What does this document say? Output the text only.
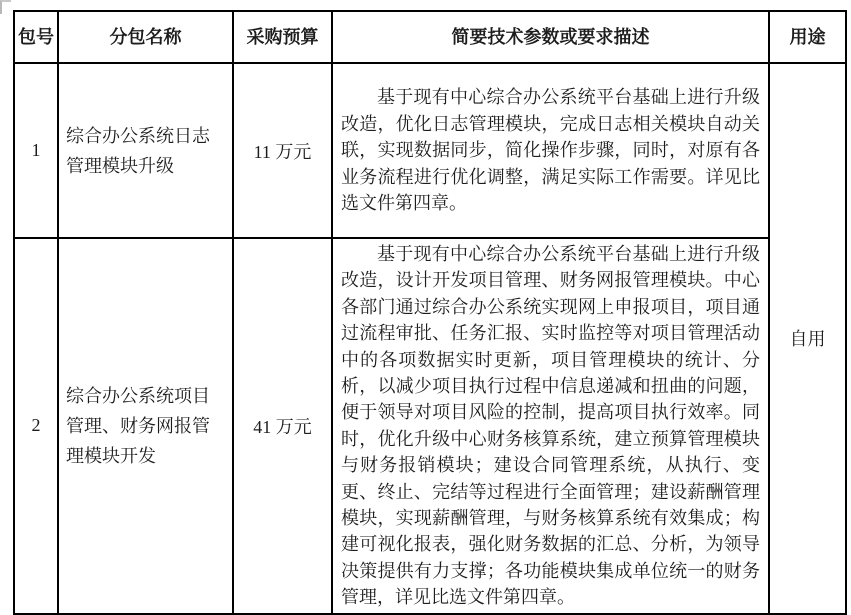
包号	分包名称	采购预算	简要技术参数或要求描述	用途
1	综合办公系统日志管理模块升级	11 万元	基于现有中心综合办公系统平台基础上进行升级改造，优化日志管理模块，完成日志相关模块自动关联，实现数据同步，简化操作步骤，同时，对原有各业务流程进行优化调整，满足实际工作需要。详见比选文件第四章。	自用
2	综合办公系统项目管理、财务网报管理模块开发	41 万元	基于现有中心综合办公系统平台基础上进行升级改造，设计开发项目管理、财务网报管理模块。中心各部门通过综合办公系统实现网上申报项目，项目通过流程审批、任务汇报、实时监控等对项目管理活动中的各项数据实时更新，项目管理模块的统计、分析，以减少项目执行过程中信息递减和扭曲的问题，便于领导对项目风险的控制，提高项目执行效率。同时，优化升级中心财务核算系统，建立预算管理模块与财务报销模块；建设合同管理系统，从执行、变更、终止、完结等过程进行全面管理；建设薪酬管理模块，实现薪酬管理，与财务核算系统有效集成；构建可视化报表，强化财务数据的汇总、分析，为领导决策提供有力支撑；各功能模块集成单位统一的财务管理，详见比选文件第四章。	
